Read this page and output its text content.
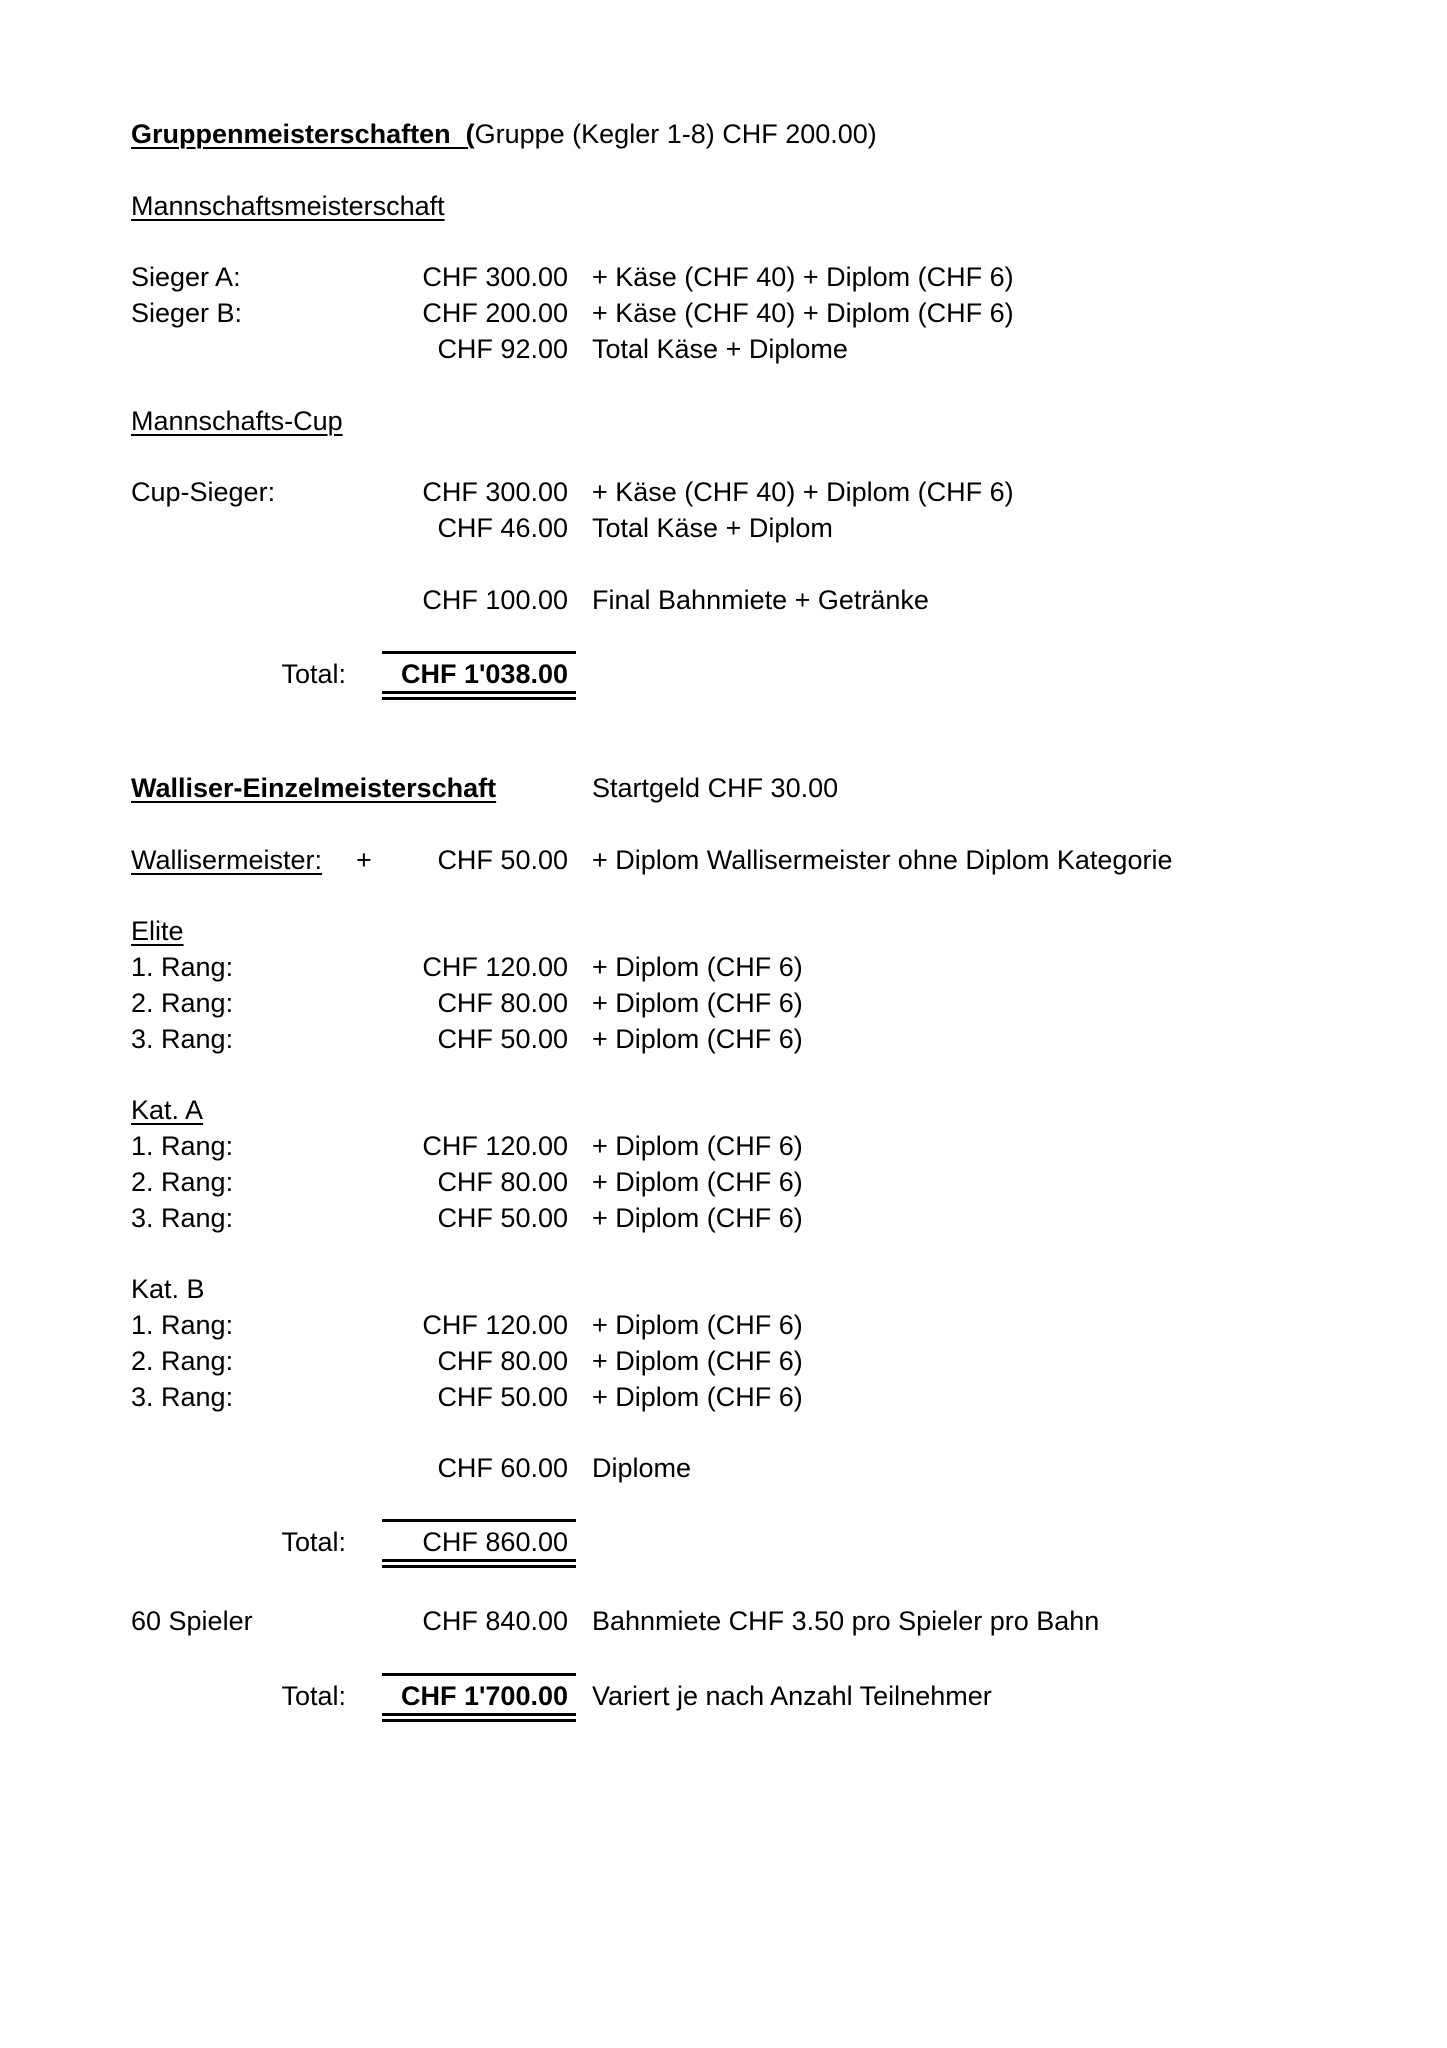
Gruppenmeisterschaften (Gruppe (Kegler 1-8) CHF 200.00)
Mannschaftsmeisterschaft
Sieger A:	CHF 300.00 + Käse (CHF 40) + Diplom (CHF 6)
Sieger B:	CHF 200.00 + Käse (CHF 40) + Diplom (CHF 6)
CHF 92.00 Total Käse + Diplome
Mannschafts-Cup
Cup-Sieger:	CHF 300.00 + Käse (CHF 40) + Diplom (CHF 6)
CHF 46.00 Total Käse + Diplom
CHF 100.00 Final Bahnmiete + Getränke
Total:	CHF 1'038.00
Walliser-Einzelmeisterschaft	Startgeld CHF 30.00
Wallisermeister: +	CHF 50.00 + Diplom Wallisermeister ohne Diplom Kategorie
Elite
1. Rang:	CHF 120.00 + Diplom (CHF 6)
2. Rang:	CHF 80.00 + Diplom (CHF 6)
3. Rang:	CHF 50.00 + Diplom (CHF 6)
Kat. A
1. Rang:	CHF 120.00 + Diplom (CHF 6)
2. Rang:	CHF 80.00 + Diplom (CHF 6)
3. Rang:	CHF 50.00 + Diplom (CHF 6)
Kat. B
1. Rang:	CHF 120.00 + Diplom (CHF 6)
2. Rang:	CHF 80.00 + Diplom (CHF 6)
3. Rang:	CHF 50.00 + Diplom (CHF 6)
CHF 60.00 Diplome
Total:	CHF 860.00
60 Spieler	CHF 840.00 Bahnmiete CHF 3.50 pro Spieler pro Bahn
Total:	CHF 1'700.00 Variert je nach Anzahl Teilnehmer
